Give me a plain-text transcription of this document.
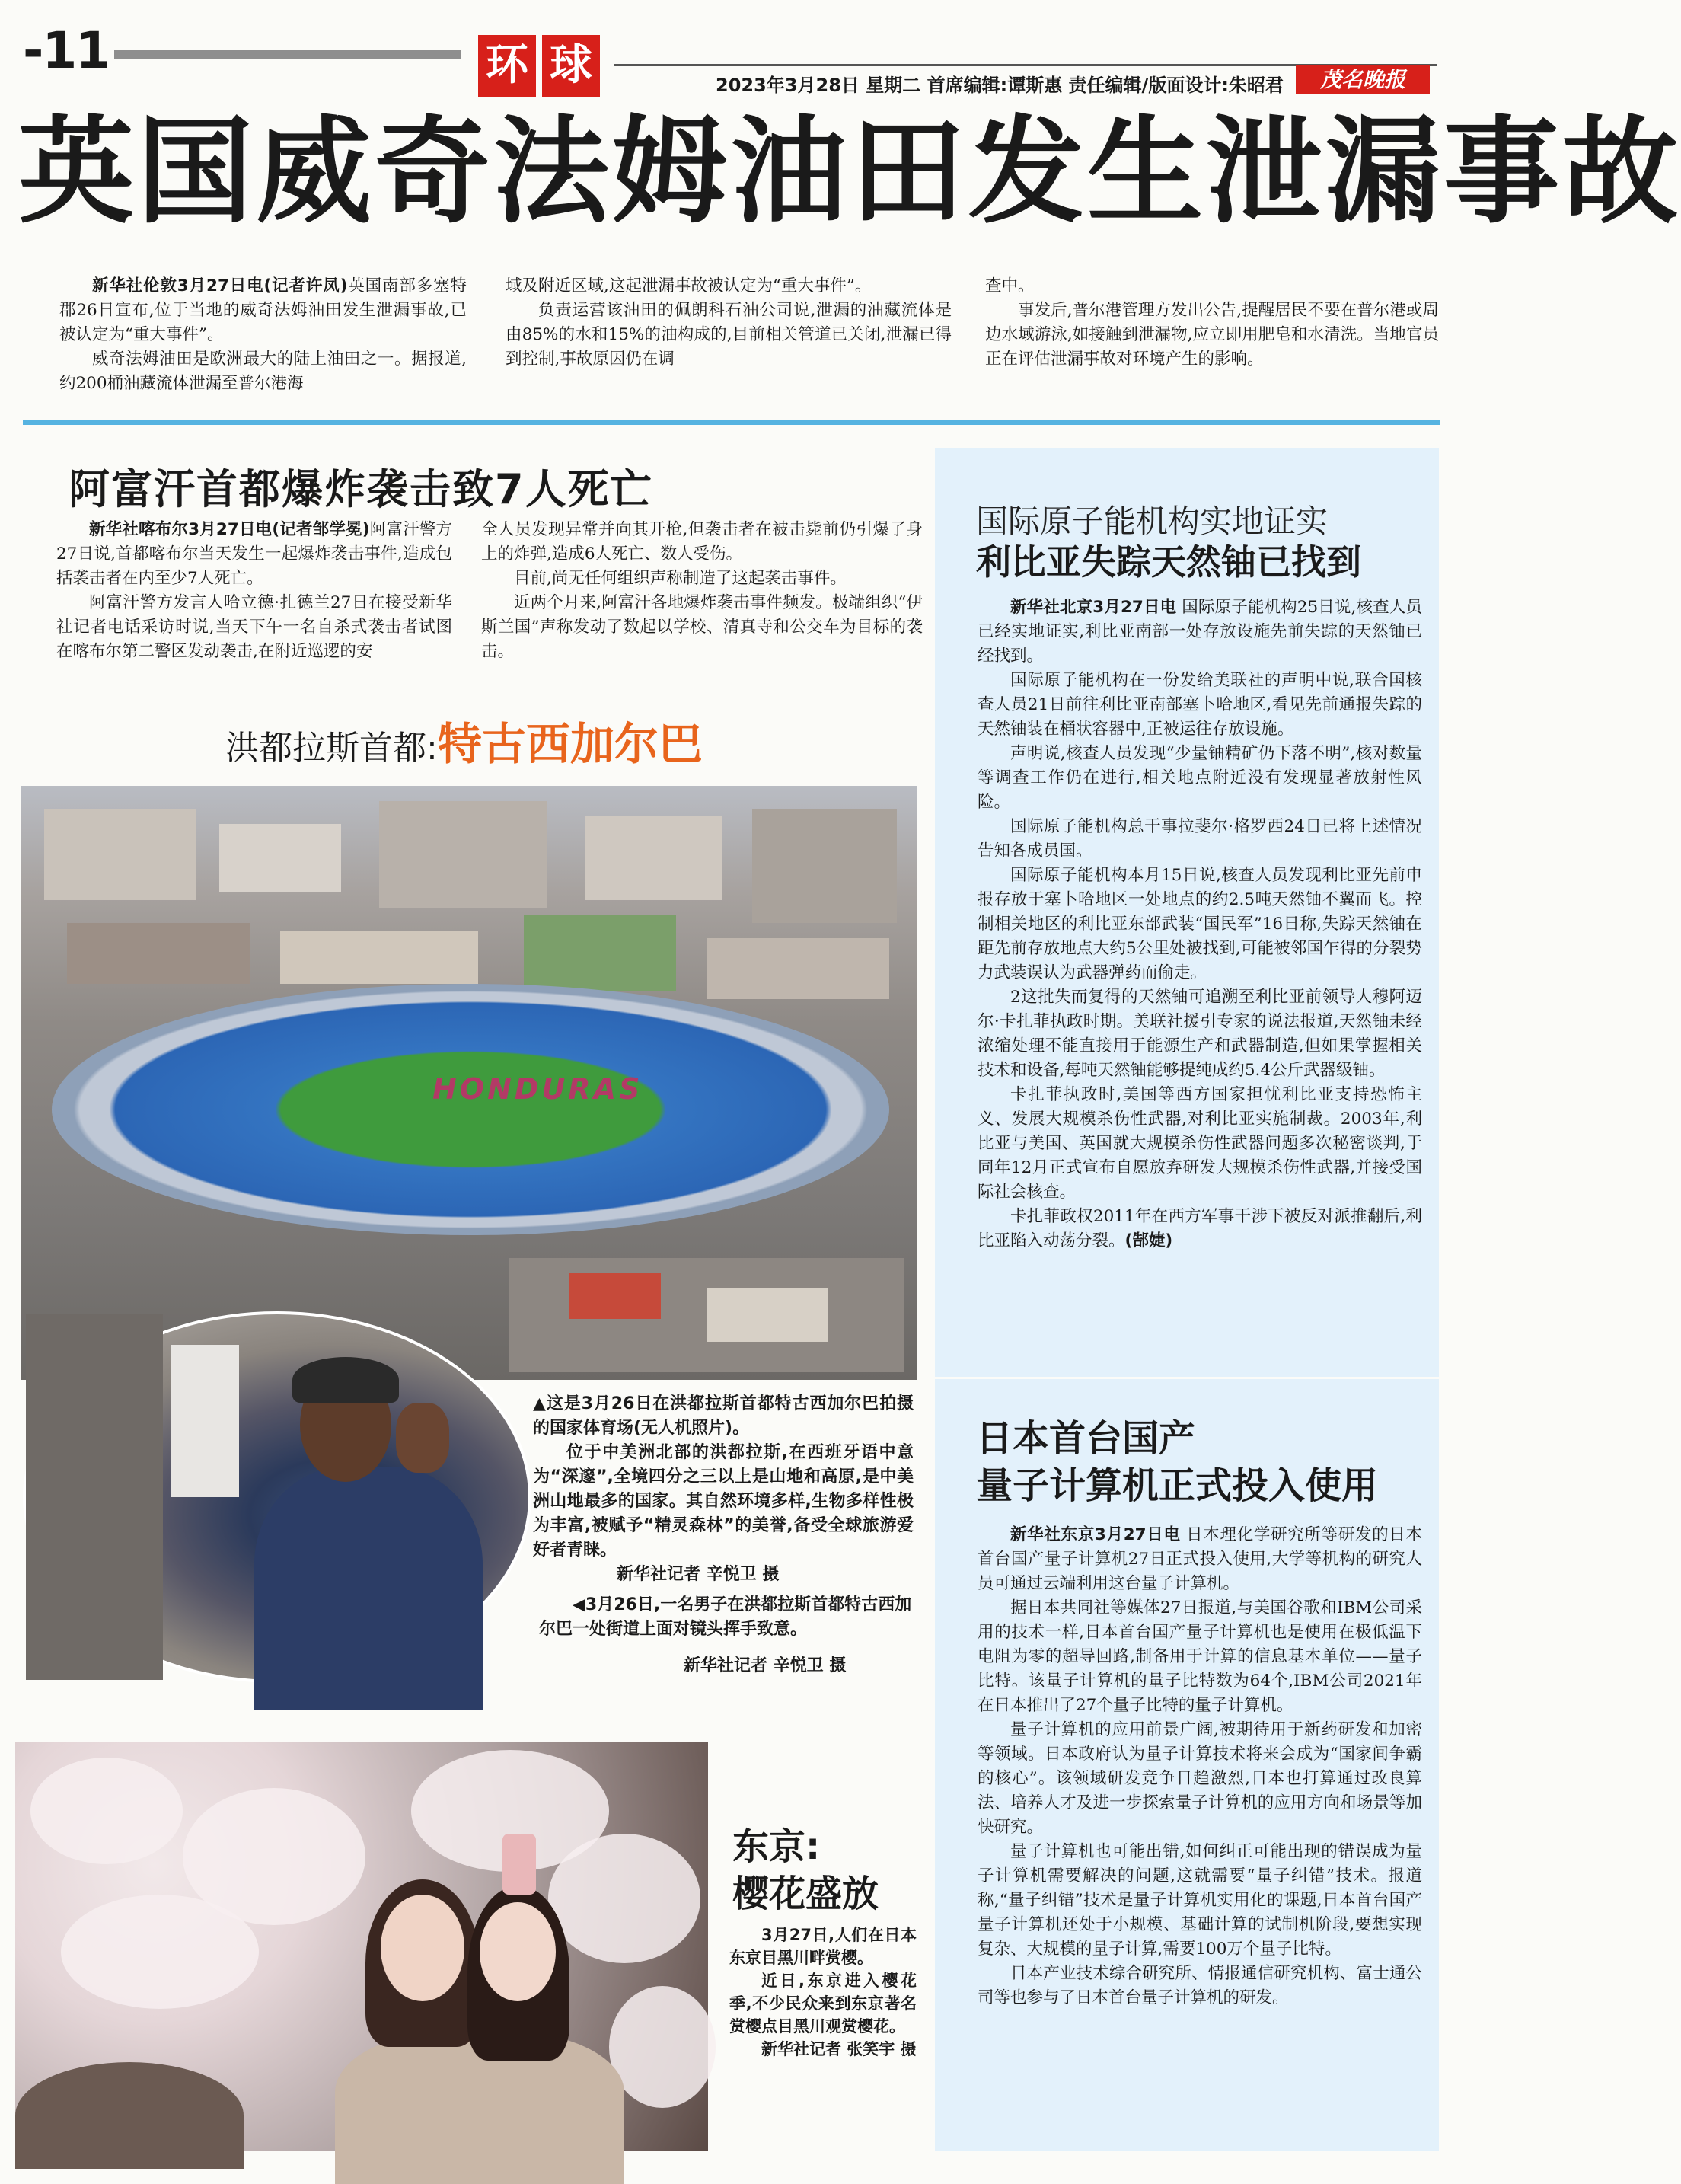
-11	环 球	2023年3月28日 星期二 首席编辑:谭斯惠 责任编辑/版面设计:朱昭君	茂名晚报
英国威奇法姆油田发生泄漏事故

新华社伦敦3月27日电(记者许凤)英国南部多塞特郡26日宣布,位于当地的威奇法姆油田发生泄漏事故,已被认定为“重大事件”。

威奇法姆油田是欧洲最大的陆上油田之一。据报道,约200桶油藏流体泄漏至普尔港海

域及附近区域,这起泄漏事故被认定为“重大事件”。

负责运营该油田的佩朗科石油公司说,泄漏的油藏流体是由85%的水和15%的油构成的,目前相关管道已关闭,泄漏已得到控制,事故原因仍在调

查中。

事发后,普尔港管理方发出公告,提醒居民不要在普尔港或周边水域游泳,如接触到泄漏物,应立即用肥皂和水清洗。当地官员正在评估泄漏事故对环境产生的影响。

阿富汗首都爆炸袭击致7人死亡

新华社喀布尔3月27日电(记者邹学冕)阿富汗警方27日说,首都喀布尔当天发生一起爆炸袭击事件,造成包括袭击者在内至少7人死亡。

阿富汗警方发言人哈立德·扎德兰27日在接受新华社记者电话采访时说,当天下午一名自杀式袭击者试图在喀布尔第二警区发动袭击,在附近巡逻的安

全人员发现异常并向其开枪,但袭击者在被击毙前仍引爆了身上的炸弹,造成6人死亡、数人受伤。

目前,尚无任何组织声称制造了这起袭击事件。

近两个月来,阿富汗各地爆炸袭击事件频发。极端组织“伊斯兰国”声称发动了数起以学校、清真寺和公交车为目标的袭击。

洪都拉斯首都:特古西加尔巴
HONDURAS

▲这是3月26日在洪都拉斯首都特古西加尔巴拍摄的国家体育场(无人机照片)。

位于中美洲北部的洪都拉斯,在西班牙语中意为“深邃”,全境四分之三以上是山地和高原,是中美洲山地最多的国家。其自然环境多样,生物多样性极为丰富,被赋予“精灵森林”的美誉,备受全球旅游爱好者青睐。

新华社记者 辛悦卫 摄

◀3月26日,一名男子在洪都拉斯首都特古西加尔巴一处街道上面对镜头挥手致意。

新华社记者 辛悦卫 摄

东京:
樱花盛放

3月27日,人们在日本东京目黑川畔赏樱。

近日,东京进入樱花季,不少民众来到东京著名赏樱点目黑川观赏樱花。

新华社记者 张笑宇 摄

国际原子能机构实地证实
利比亚失踪天然铀已找到

新华社北京3月27日电 国际原子能机构25日说,核查人员已经实地证实,利比亚南部一处存放设施先前失踪的天然铀已经找到。

国际原子能机构在一份发给美联社的声明中说,联合国核查人员21日前往利比亚南部塞卜哈地区,看见先前通报失踪的天然铀装在桶状容器中,正被运往存放设施。

声明说,核查人员发现“少量铀精矿仍下落不明”,核对数量等调查工作仍在进行,相关地点附近没有发现显著放射性风险。

国际原子能机构总干事拉斐尔·格罗西24日已将上述情况告知各成员国。

国际原子能机构本月15日说,核查人员发现利比亚先前申报存放于塞卜哈地区一处地点的约2.5吨天然铀不翼而飞。控制相关地区的利比亚东部武装“国民军”16日称,失踪天然铀在距先前存放地点大约5公里处被找到,可能被邻国乍得的分裂势力武装误认为武器弹药而偷走。

2这批失而复得的天然铀可追溯至利比亚前领导人穆阿迈尔·卡扎菲执政时期。美联社援引专家的说法报道,天然铀未经浓缩处理不能直接用于能源生产和武器制造,但如果掌握相关技术和设备,每吨天然铀能够提纯成约5.4公斤武器级铀。

卡扎菲执政时,美国等西方国家担忧利比亚支持恐怖主义、发展大规模杀伤性武器,对利比亚实施制裁。2003年,利比亚与美国、英国就大规模杀伤性武器问题多次秘密谈判,于同年12月正式宣布自愿放弃研发大规模杀伤性武器,并接受国际社会核查。

卡扎菲政权2011年在西方军事干涉下被反对派推翻后,利比亚陷入动荡分裂。(郜婕)

日本首台国产
量子计算机正式投入使用

新华社东京3月27日电 日本理化学研究所等研发的日本首台国产量子计算机27日正式投入使用,大学等机构的研究人员可通过云端利用这台量子计算机。

据日本共同社等媒体27日报道,与美国谷歌和IBM公司采用的技术一样,日本首台国产量子计算机也是使用在极低温下电阻为零的超导回路,制备用于计算的信息基本单位——量子比特。该量子计算机的量子比特数为64个,IBM公司2021年在日本推出了27个量子比特的量子计算机。

量子计算机的应用前景广阔,被期待用于新药研发和加密等领域。日本政府认为量子计算技术将来会成为“国家间争霸的核心”。该领域研发竞争日趋激烈,日本也打算通过改良算法、培养人才及进一步探索量子计算机的应用方向和场景等加快研究。

量子计算机也可能出错,如何纠正可能出现的错误成为量子计算机需要解决的问题,这就需要“量子纠错”技术。报道称,“量子纠错”技术是量子计算机实用化的课题,日本首台国产量子计算机还处于小规模、基础计算的试制机阶段,要想实现复杂、大规模的量子计算,需要100万个量子比特。

日本产业技术综合研究所、情报通信研究机构、富士通公司等也参与了日本首台量子计算机的研发。
